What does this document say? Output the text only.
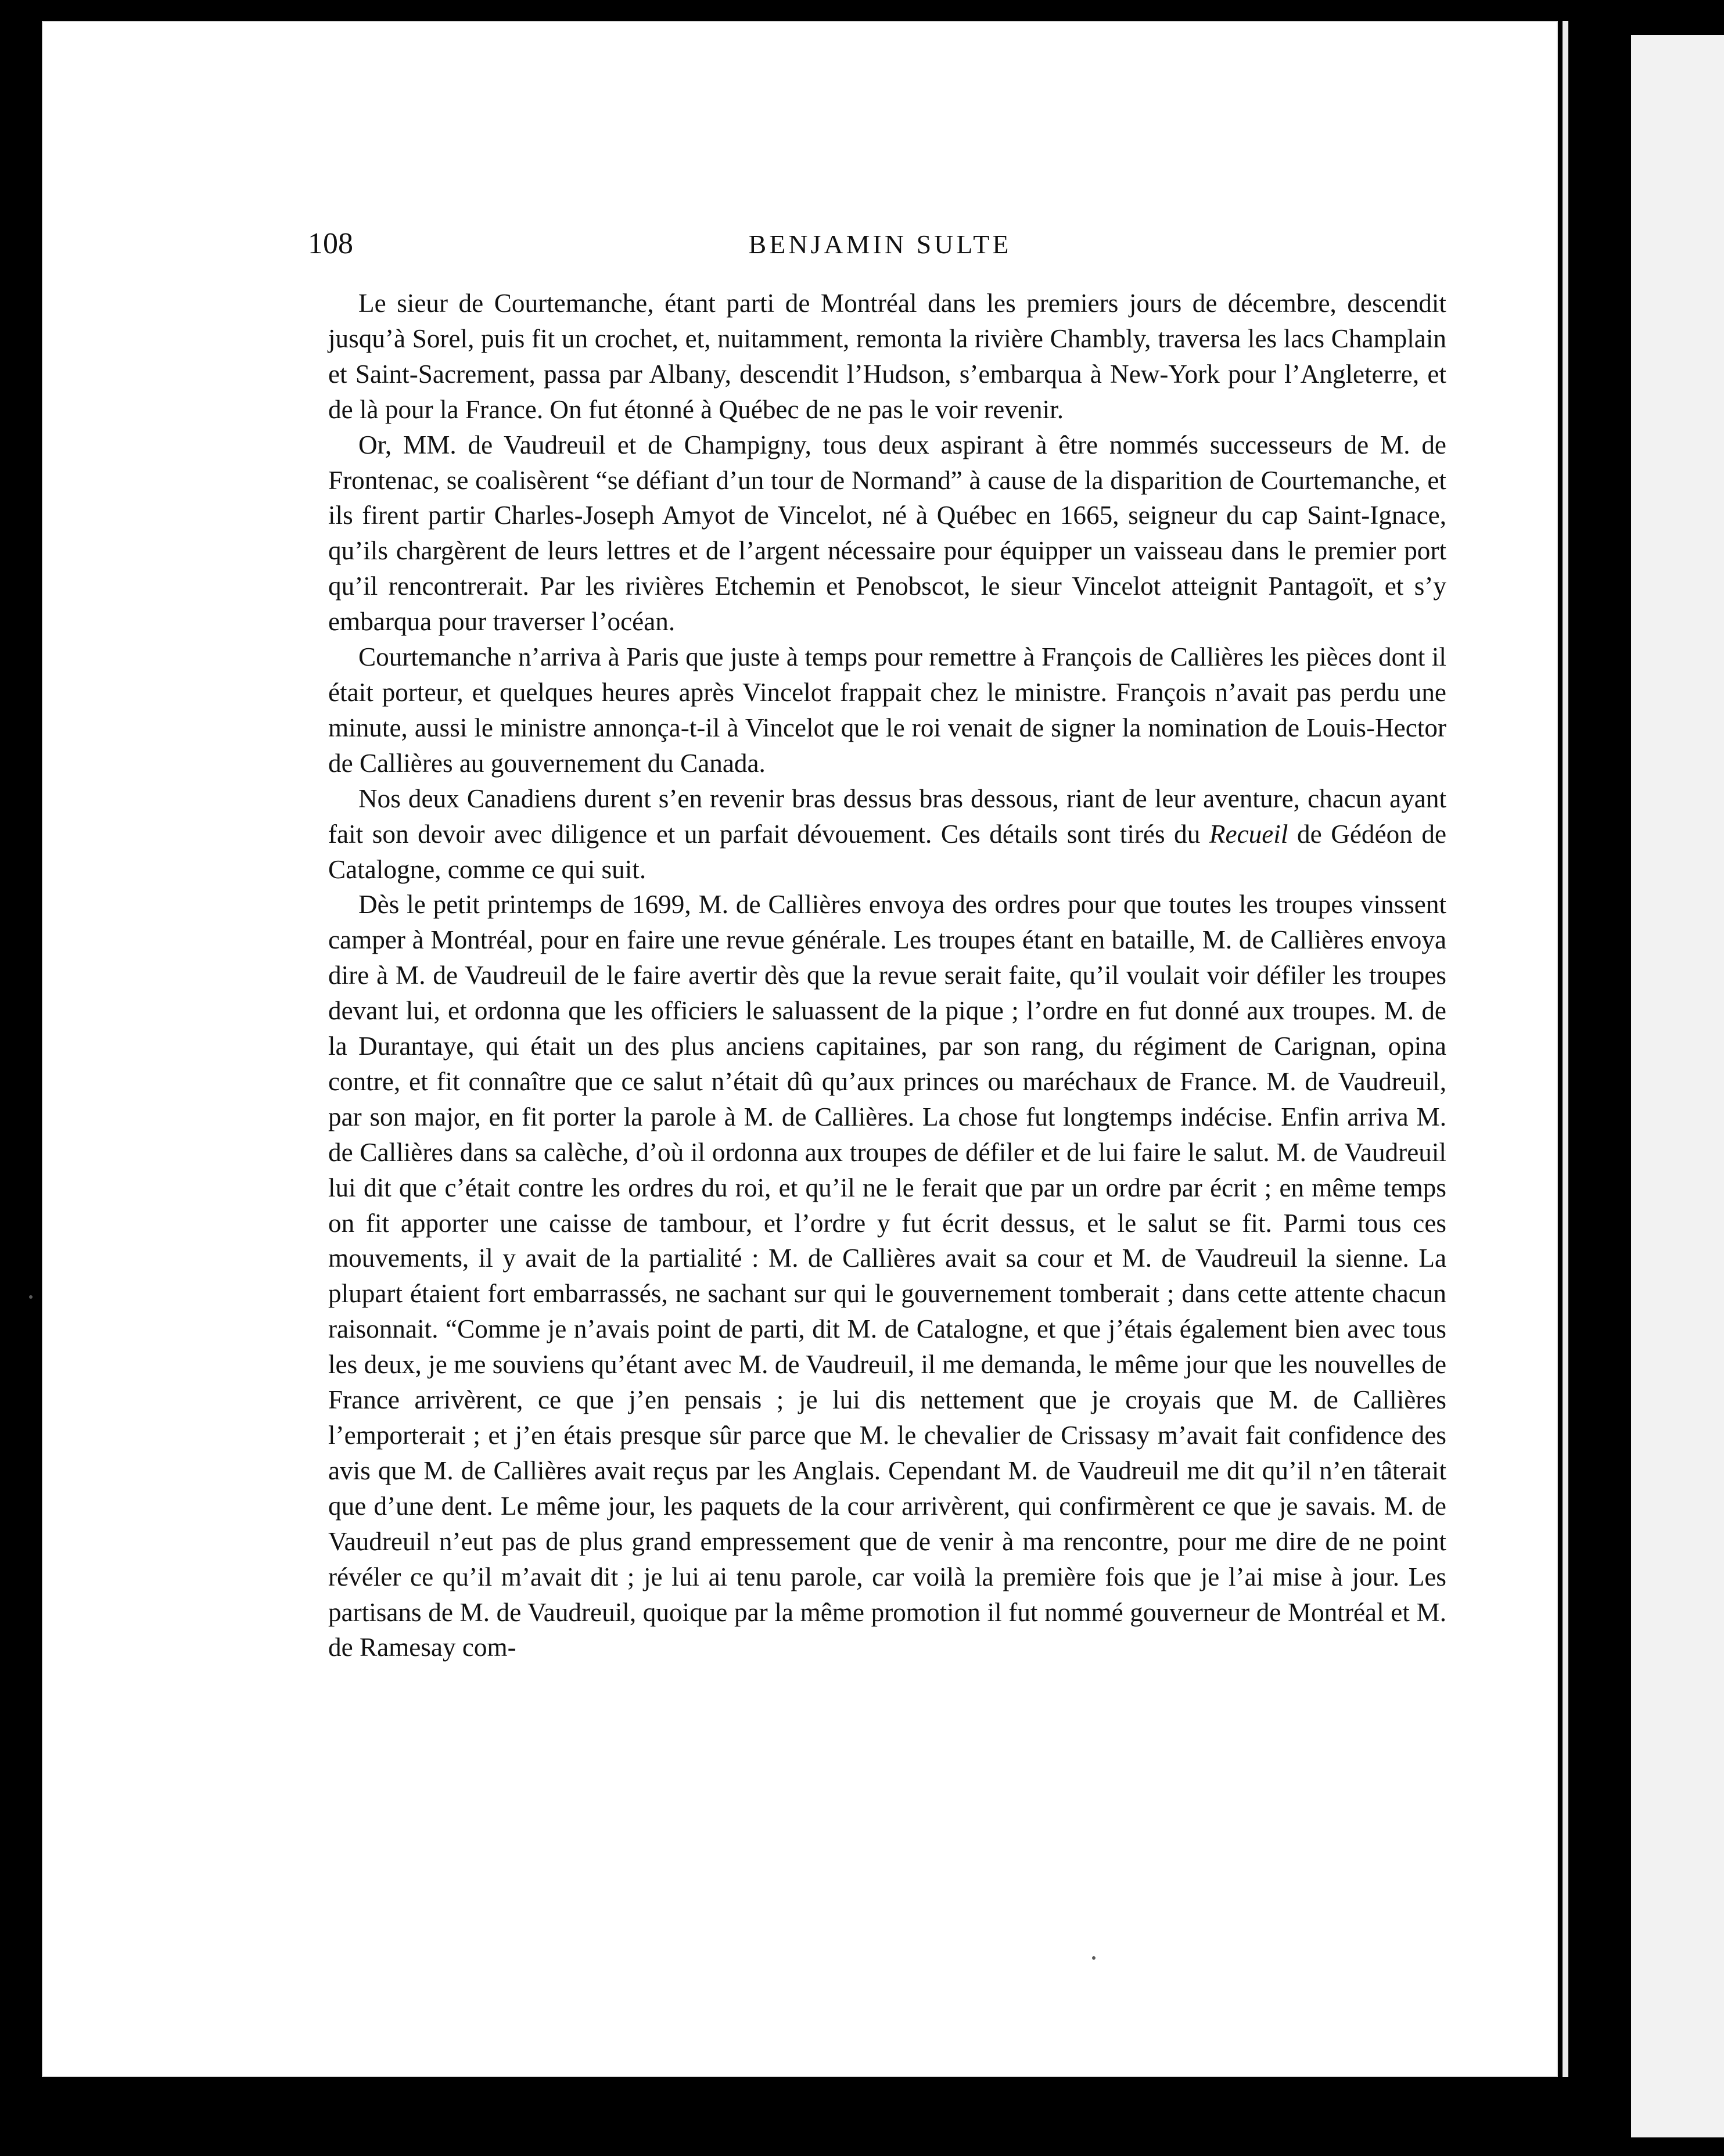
108	BENJAMIN SULTE

Le sieur de Courtemanche, étant parti de Montréal dans les premiers jours de décembre, descendit jusqu’à Sorel, puis fit un crochet, et, nuitamment, remonta la rivière Chambly, traversa les lacs Champlain et Saint-Sacrement, passa par Albany, descendit l’Hudson, s’embarqua à New-York pour l’Angleterre, et de là pour la France. On fut étonné à Québec de ne pas le voir revenir.

Or, MM. de Vaudreuil et de Champigny, tous deux aspirant à être nommés successeurs de M. de Frontenac, se coalisèrent “se défiant d’un tour de Normand” à cause de la disparition de Courtemanche, et ils firent partir Charles-Joseph Amyot de Vincelot, né à Québec en 1665, seigneur du cap Saint-Ignace, qu’ils chargèrent de leurs lettres et de l’argent nécessaire pour équipper un vaisseau dans le premier port qu’il rencontrerait. Par les rivières Etchemin et Penobscot, le sieur Vincelot atteignit Pantagoït, et s’y embarqua pour traverser l’océan.

Courtemanche n’arriva à Paris que juste à temps pour remettre à François de Callières les pièces dont il était porteur, et quelques heures après Vincelot frappait chez le ministre. François n’avait pas perdu une minute, aussi le ministre annonça-t-il à Vincelot que le roi venait de signer la nomination de Louis-Hector de Callières au gouvernement du Canada.

Nos deux Canadiens durent s’en revenir bras dessus bras dessous, riant de leur aventure, chacun ayant fait son devoir avec diligence et un parfait dévouement. Ces détails sont tirés du Recueil de Gédéon de Catalogne, comme ce qui suit.

Dès le petit printemps de 1699, M. de Callières envoya des ordres pour que toutes les troupes vinssent camper à Montréal, pour en faire une revue générale. Les troupes étant en bataille, M. de Callières envoya dire à M. de Vaudreuil de le faire avertir dès que la revue serait faite, qu’il voulait voir défiler les troupes devant lui, et ordonna que les officiers le saluassent de la pique ; l’ordre en fut donné aux troupes. M. de la Durantaye, qui était un des plus anciens capitaines, par son rang, du régiment de Carignan, opina contre, et fit connaître que ce salut n’était dû qu’aux princes ou maréchaux de France. M. de Vaudreuil, par son major, en fit porter la parole à M. de Callières. La chose fut longtemps indécise. Enfin arriva M. de Callières dans sa calèche, d’où il ordonna aux troupes de défiler et de lui faire le salut. M. de Vaudreuil lui dit que c’était contre les ordres du roi, et qu’il ne le ferait que par un ordre par écrit ; en même temps on fit apporter une caisse de tambour, et l’ordre y fut écrit dessus, et le salut se fit. Parmi tous ces mouvements, il y avait de la partialité : M. de Callières avait sa cour et M. de Vaudreuil la sienne. La plupart étaient fort embarrassés, ne sachant sur qui le gouvernement tomberait ; dans cette attente chacun raisonnait. “Comme je n’avais point de parti, dit M. de Catalogne, et que j’étais également bien avec tous les deux, je me souviens qu’étant avec M. de Vaudreuil, il me demanda, le même jour que les nouvelles de France arrivèrent, ce que j’en pensais ; je lui dis nettement que je croyais que M. de Callières l’emporterait ; et j’en étais presque sûr parce que M. le chevalier de Crissasy m’avait fait confidence des avis que M. de Callières avait reçus par les Anglais. Cependant M. de Vaudreuil me dit qu’il n’en tâterait que d’une dent. Le même jour, les paquets de la cour arrivèrent, qui confirmèrent ce que je savais. M. de Vaudreuil n’eut pas de plus grand empressement que de venir à ma rencontre, pour me dire de ne point révéler ce qu’il m’avait dit ; je lui ai tenu parole, car voilà la première fois que je l’ai mise à jour. Les partisans de M. de Vaudreuil, quoique par la même promotion il fut nommé gouverneur de Montréal et M. de Ramesay com-
